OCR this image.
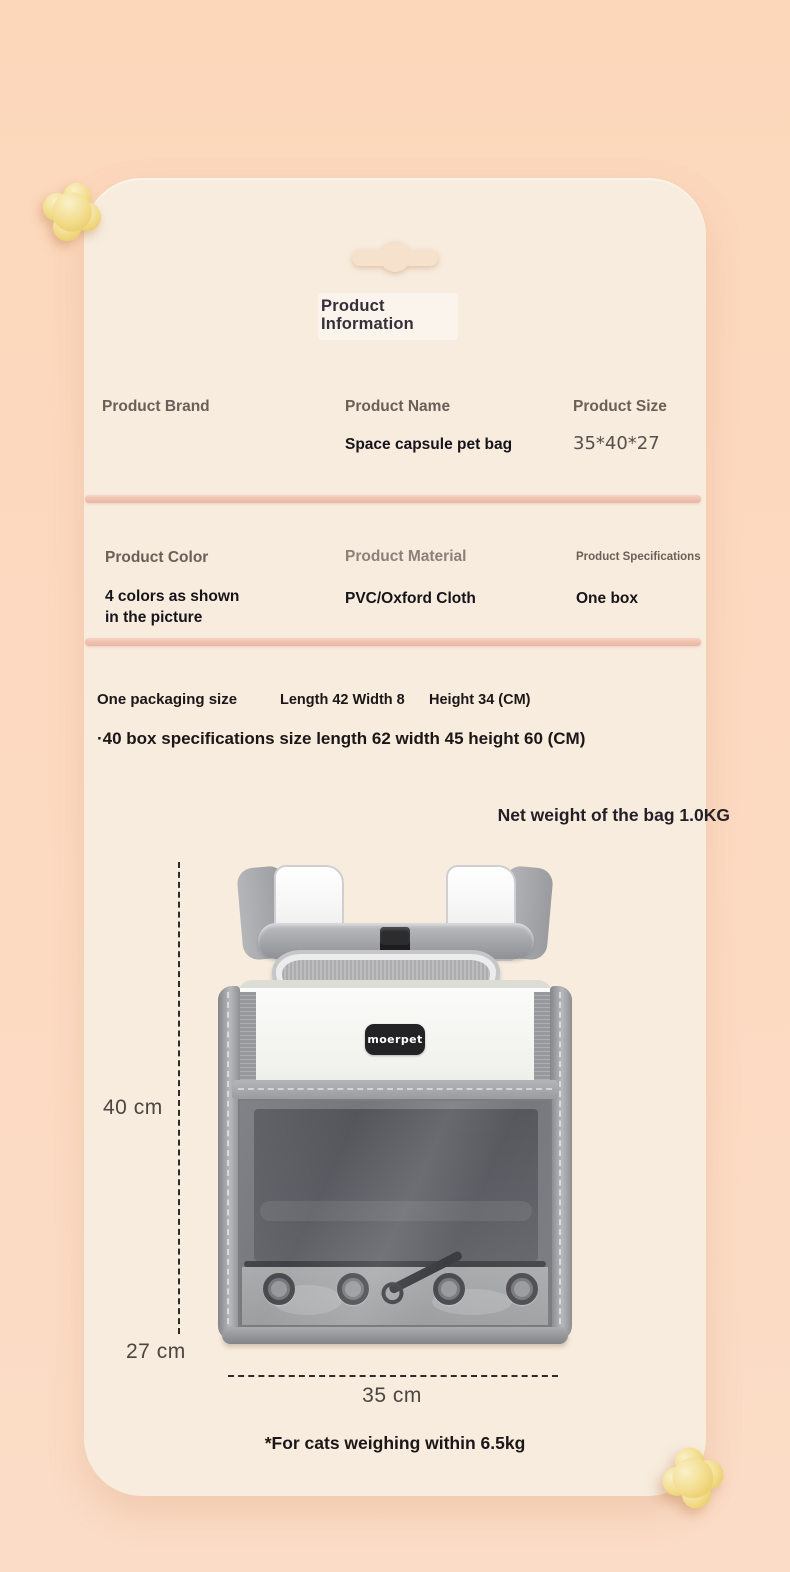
Product
Information
Product Brand	Product Name
Space capsule pet bag
Product Size
35*40*27
Product Color
4 colors as shown in the picture
Product Material
PVC/Oxford Cloth
Product Specifications
One box
One packaging size	Length 42 Width 8 Height 34 (CM)
·40 box specifications size length 62 width 45 height 60 (CM)
Net weight of the bag 1.0KG
moerpet
40 cm
27 cm
35 cm
*For cats weighing within 6.5kg
